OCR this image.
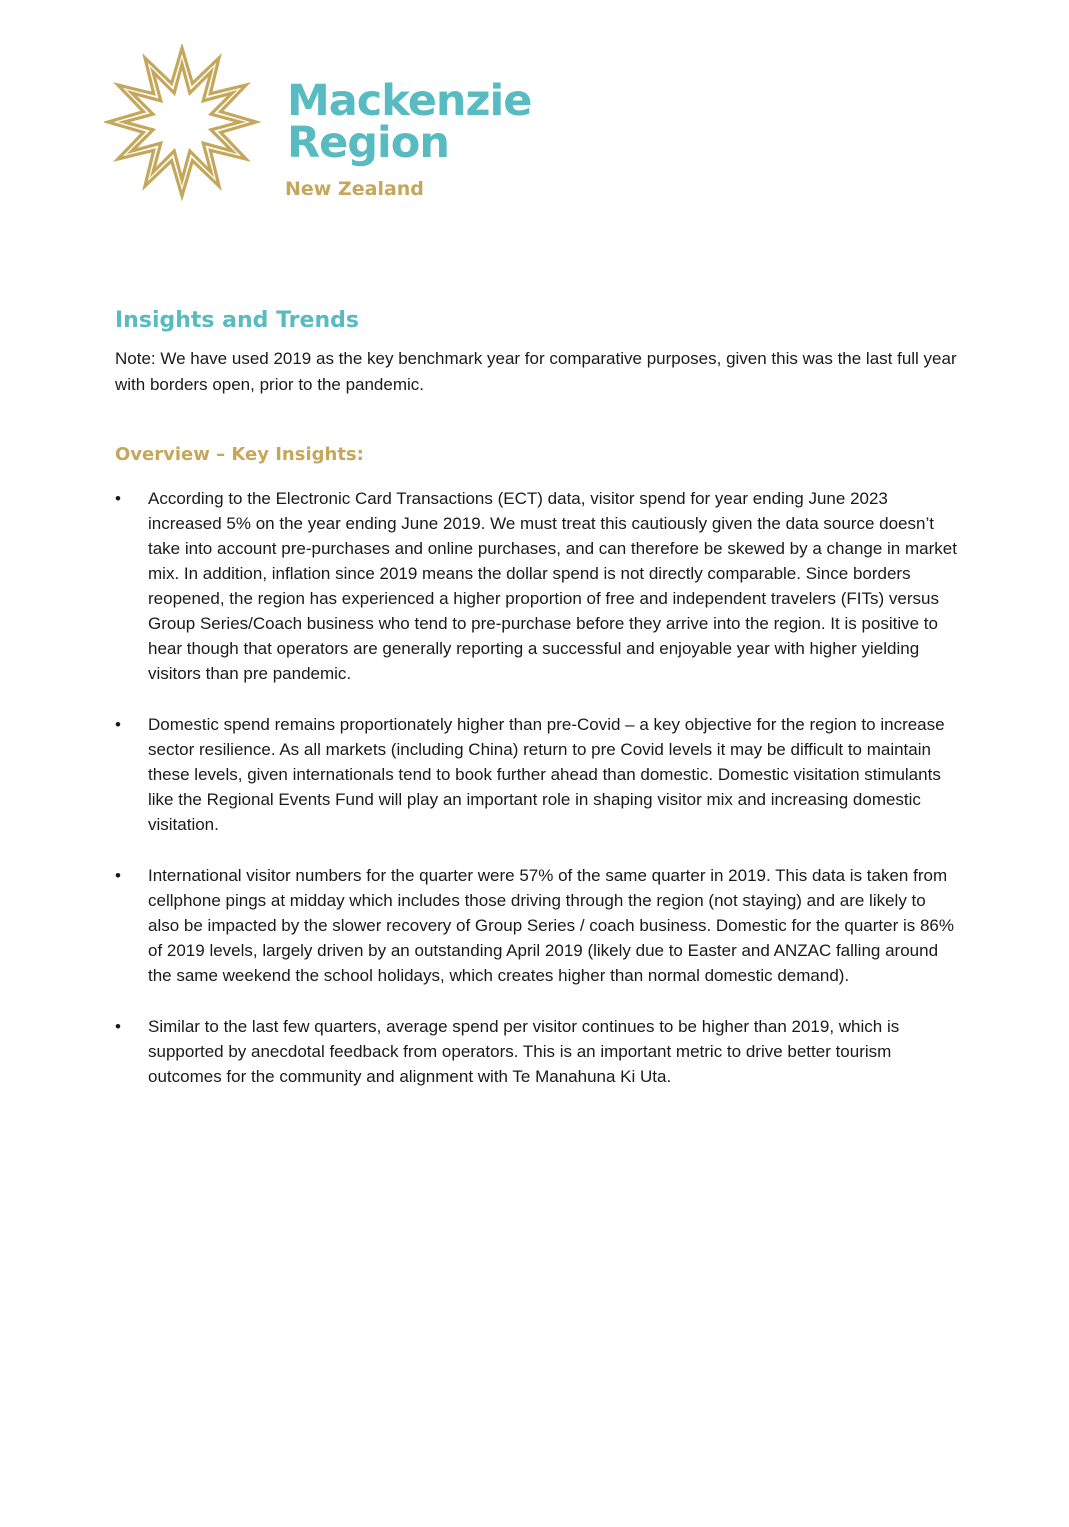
Mackenzie
Region
New Zealand
Insights and Trends

Note: We have used 2019 as the key benchmark year for comparative purposes, given this was the last full year with borders open, prior to the pandemic.

Overview – Key Insights:
• According to the Electronic Card Transactions (ECT) data, visitor spend for year ending June 2023 increased 5% on the year ending June 2019. We must treat this cautiously given the data source doesn’t take into account pre-purchases and online purchases, and can therefore be skewed by a change in market mix. In addition, inflation since 2019 means the dollar spend is not directly comparable. Since borders reopened, the region has experienced a higher proportion of free and independent travelers (FITs) versus Group Series/Coach business who tend to pre-purchase before they arrive into the region. It is positive to hear though that operators are generally reporting a successful and enjoyable year with higher yielding visitors than pre pandemic.
• Domestic spend remains proportionately higher than pre-Covid – a key objective for the region to increase sector resilience. As all markets (including China) return to pre Covid levels it may be difficult to maintain these levels, given internationals tend to book further ahead than domestic. Domestic visitation stimulants like the Regional Events Fund will play an important role in shaping visitor mix and increasing domestic visitation.
• International visitor numbers for the quarter were 57% of the same quarter in 2019. This data is taken from cellphone pings at midday which includes those driving through the region (not staying) and are likely to also be impacted by the slower recovery of Group Series / coach business. Domestic for the quarter is 86% of 2019 levels, largely driven by an outstanding April 2019 (likely due to Easter and ANZAC falling around the same weekend the school holidays, which creates higher than normal domestic demand).
• Similar to the last few quarters, average spend per visitor continues to be higher than 2019, which is supported by anecdotal feedback from operators. This is an important metric to drive better tourism outcomes for the community and alignment with Te Manahuna Ki Uta.
